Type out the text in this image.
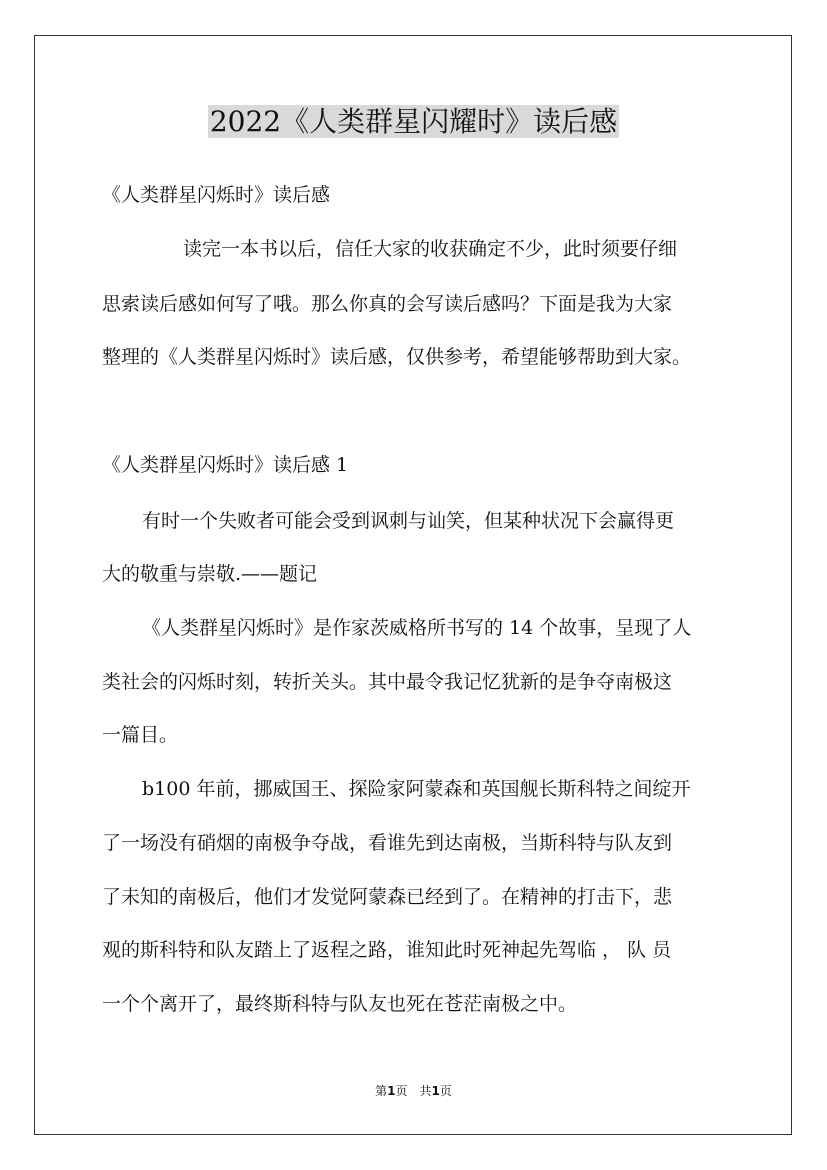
2022《人类群星闪耀时》读后感

《人类群星闪烁时》读后感

读完一本书以后，信任大家的收获确定不少，此时须要仔细

思索读后感如何写了哦。那么你真的会写读后感吗？下面是我为大家

整理的《人类群星闪烁时》读后感，仅供参考，希望能够帮助到大家。

《人类群星闪烁时》读后感 1

有时一个失败者可能会受到讽刺与讪笑，但某种状况下会赢得更

大的敬重与崇敬.——题记

《人类群星闪烁时》是作家茨威格所书写的 14 个故事，呈现了人

类社会的闪烁时刻，转折关头。其中最令我记忆犹新的是争夺南极这

一篇目。

b100 年前，挪威国王、探险家阿蒙森和英国舰长斯科特之间绽开

了一场没有硝烟的南极争夺战，看谁先到达南极，当斯科特与队友到

了未知的南极后，他们才发觉阿蒙森已经到了。在精神的打击下，悲

观的斯科特和队友踏上了返程之路，谁知此时死神起先驾临 ， 队 员

一个个离开了，最终斯科特与队友也死在苍茫南极之中。

第1页　共1页
